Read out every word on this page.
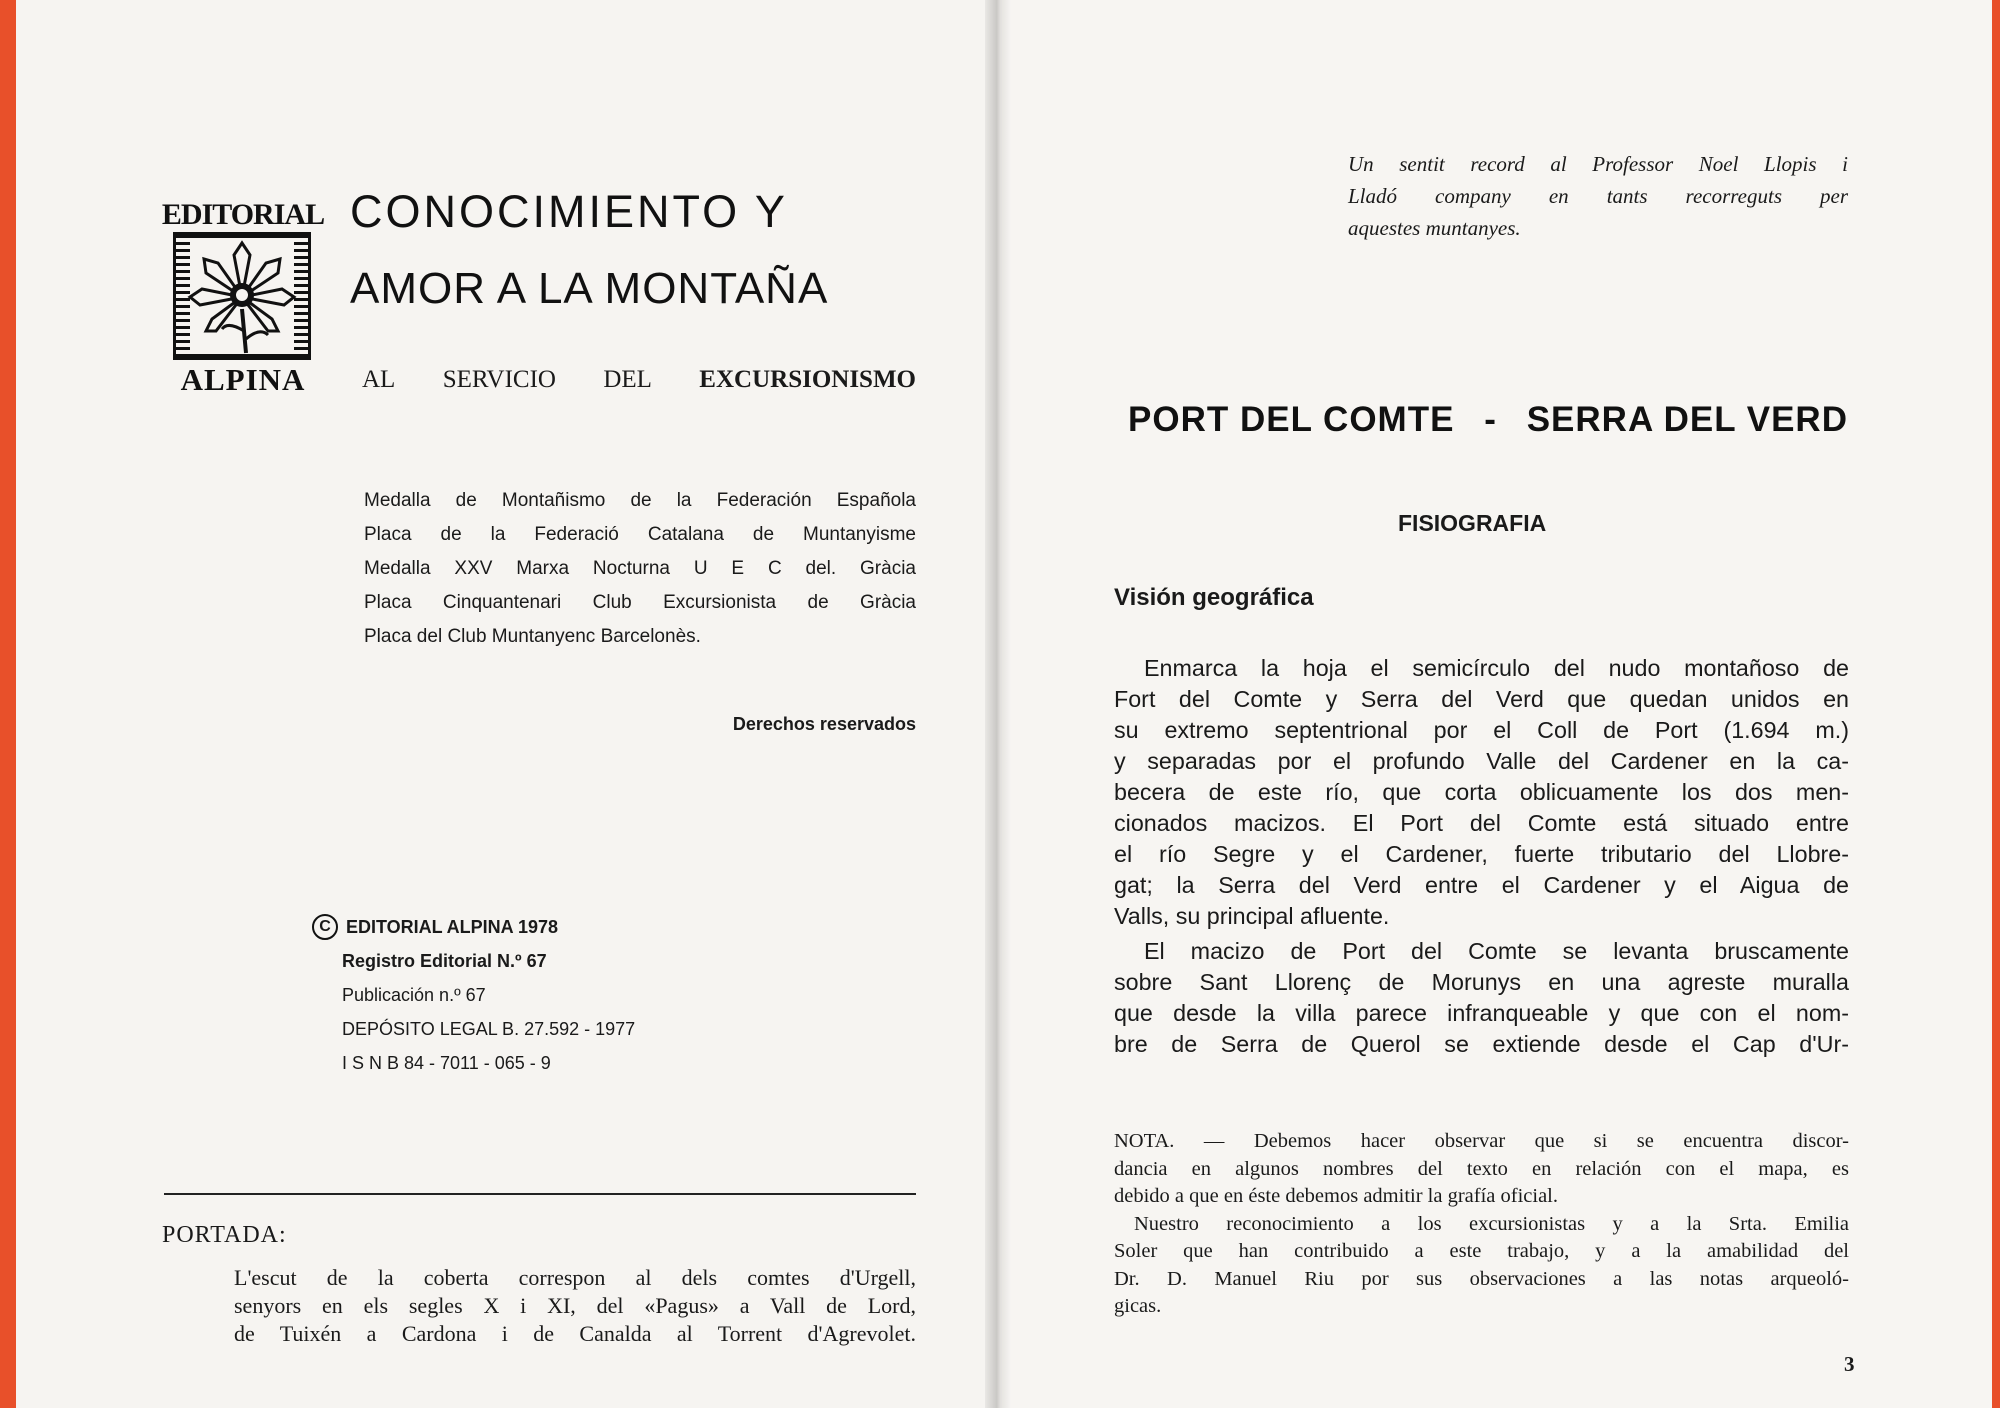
EDITORIAL
ALPINA
CONOCIMIENTO Y
AMOR A LA MONTAÑA
AL SERVICIO DEL EXCURSIONISMO
Medalla de Montañismo de la Federación Española
Placa de la Federació Catalana de Muntanyisme
Medalla XXV Marxa Nocturna U E C del. Gràcia
Placa Cinquantenari Club Excursionista de Gràcia
Placa del Club Muntanyenc Barcelonès.
Derechos reservados
C EDITORIAL ALPINA 1978
Registro Editorial N.º 67
Publicación n.º 67
DEPÓSITO LEGAL B. 27.592 - 1977
I S N B 84 - 7011 - 065 - 9
PORTADA:
L'escut de la coberta correspon al dels comtes d'Urgell,
senyors en els segles X i XI, del «Pagus» a Vall de Lord,
de Tuixén a Cardona i de Canalda al Torrent d'Agrevolet.
Un sentit record al Professor Noel Llopis i
Lladó company en tants recorreguts per
aquestes muntanyes.
PORT DEL COMTE - SERRA DEL VERD
FISIOGRAFIA
Visión geográfica
Enmarca la hoja el semicírculo del nudo montañoso de
Fort del Comte y Serra del Verd que quedan unidos en
su extremo septentrional por el Coll de Port (1.694 m.)
y separadas por el profundo Valle del Cardener en la ca-
becera de este río, que corta oblicuamente los dos men-
cionados macizos. El Port del Comte está situado entre
el río Segre y el Cardener, fuerte tributario del Llobre-
gat; la Serra del Verd entre el Cardener y el Aigua de
Valls, su principal afluente.
El macizo de Port del Comte se levanta bruscamente
sobre Sant Llorenç de Morunys en una agreste muralla
que desde la villa parece infranqueable y que con el nom-
bre de Serra de Querol se extiende desde el Cap d'Ur-
NOTA. — Debemos hacer observar que si se encuentra discor-
dancia en algunos nombres del texto en relación con el mapa, es
debido a que en éste debemos admitir la grafía oficial.
Nuestro reconocimiento a los excursionistas y a la Srta. Emilia
Soler que han contribuido a este trabajo, y a la amabilidad del
Dr. D. Manuel Riu por sus observaciones a las notas arqueoló-
gicas.
3
